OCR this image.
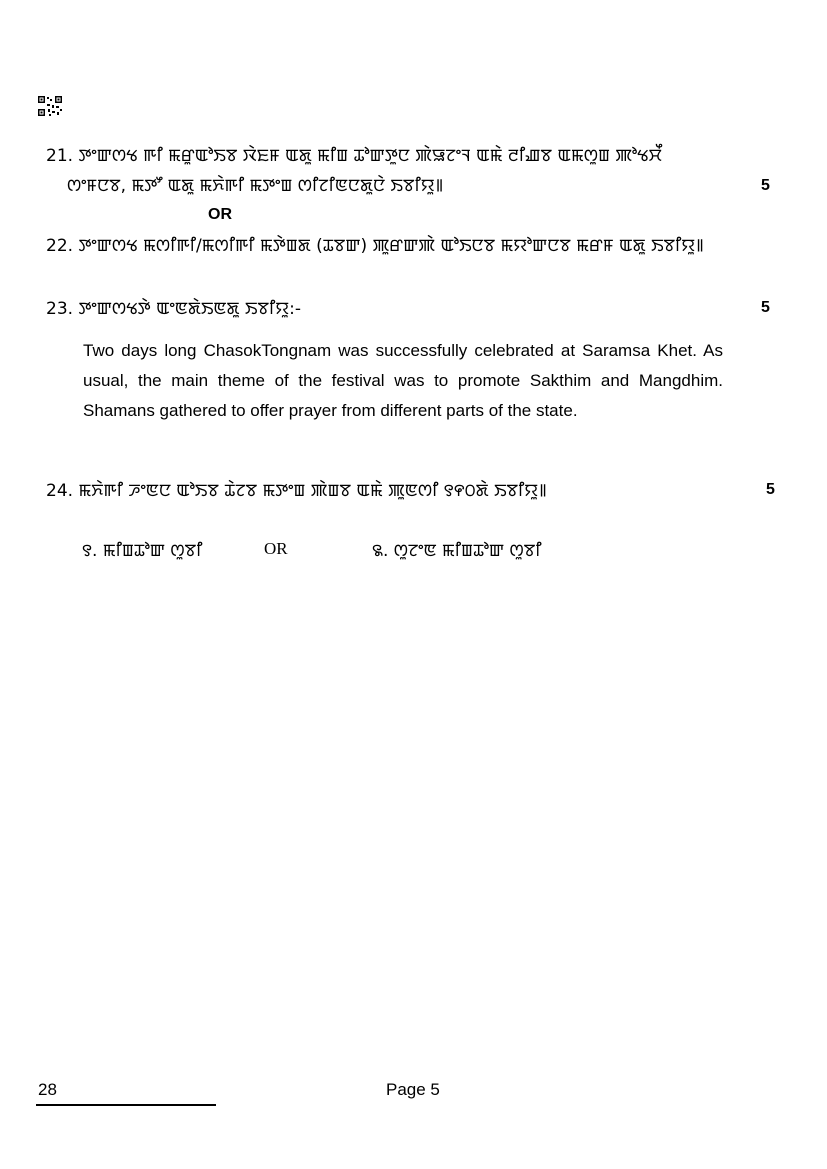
21. ꯇꯦꯛꯁꯠ ꯒꯤ ꯃꯔꯨꯑꯣꯏꯕ ꯋꯥꯐꯝ ꯑꯗꯨ ꯃꯤꯡ ꯊꯣꯛꯇꯨꯅ ꯄꯥꯎꯖꯦꯜ ꯑꯃꯥ ꯂꯤꯉꯕ ꯑꯃꯁꯨꯡ ꯄꯣꯠꯆꯩ
ꯁꯦꯝꯅꯕ, ꯃꯇꯧ ꯑꯗꯨ ꯃꯈꯥꯒꯤ ꯃꯇꯦꯡ ꯁꯤꯖꯤꯟꯅꯗꯨꯅꯥ ꯏꯕꯤꯌꯨ꯫	5
OR
22. ꯇꯦꯛꯁꯠ ꯃꯁꯤꯒꯤ/ꯃꯁꯤꯒꯤ ꯃꯇꯥꯡꯗ (ꯊꯕꯛ) ꯄꯨꯔꯛꯄꯥ ꯑꯣꯏꯅꯕ ꯃꯌꯣꯛꯅꯕ ꯃꯔꯝ ꯑꯗꯨ ꯏꯕꯤꯌꯨ꯫
23. ꯇꯦꯛꯁꯠꯇꯥ ꯑꯦꯟꯗꯥꯏꯟꯗꯨ ꯏꯕꯤꯌꯨ:-	5
Two days long ChasokTongnam was successfully celebrated at Saramsa Khet. As usual, the main theme of the festival was to promote Sakthim and Mangdhim. Shamans gathered to offer prayer from different parts of the state.
24. ꯃꯈꯥꯒꯤ ꯍꯦꯟꯅ ꯑꯣꯏꯕ ꯊꯥꯖꯕ ꯃꯇꯦꯡ ꯄꯥꯡꯕ ꯑꯃꯥ ꯄꯨꯟꯁꯤ ꯱꯵꯰ꯗꯥ ꯏꯕꯤꯌꯨ꯫	5
꯱. ꯃꯤꯡꯊꯣꯛ ꯁꯨꯕꯤ	OR	꯲. ꯁꯨꯖꯦꯟ ꯃꯤꯡꯊꯣꯛ ꯁꯨꯕꯤ
28	Page 5
